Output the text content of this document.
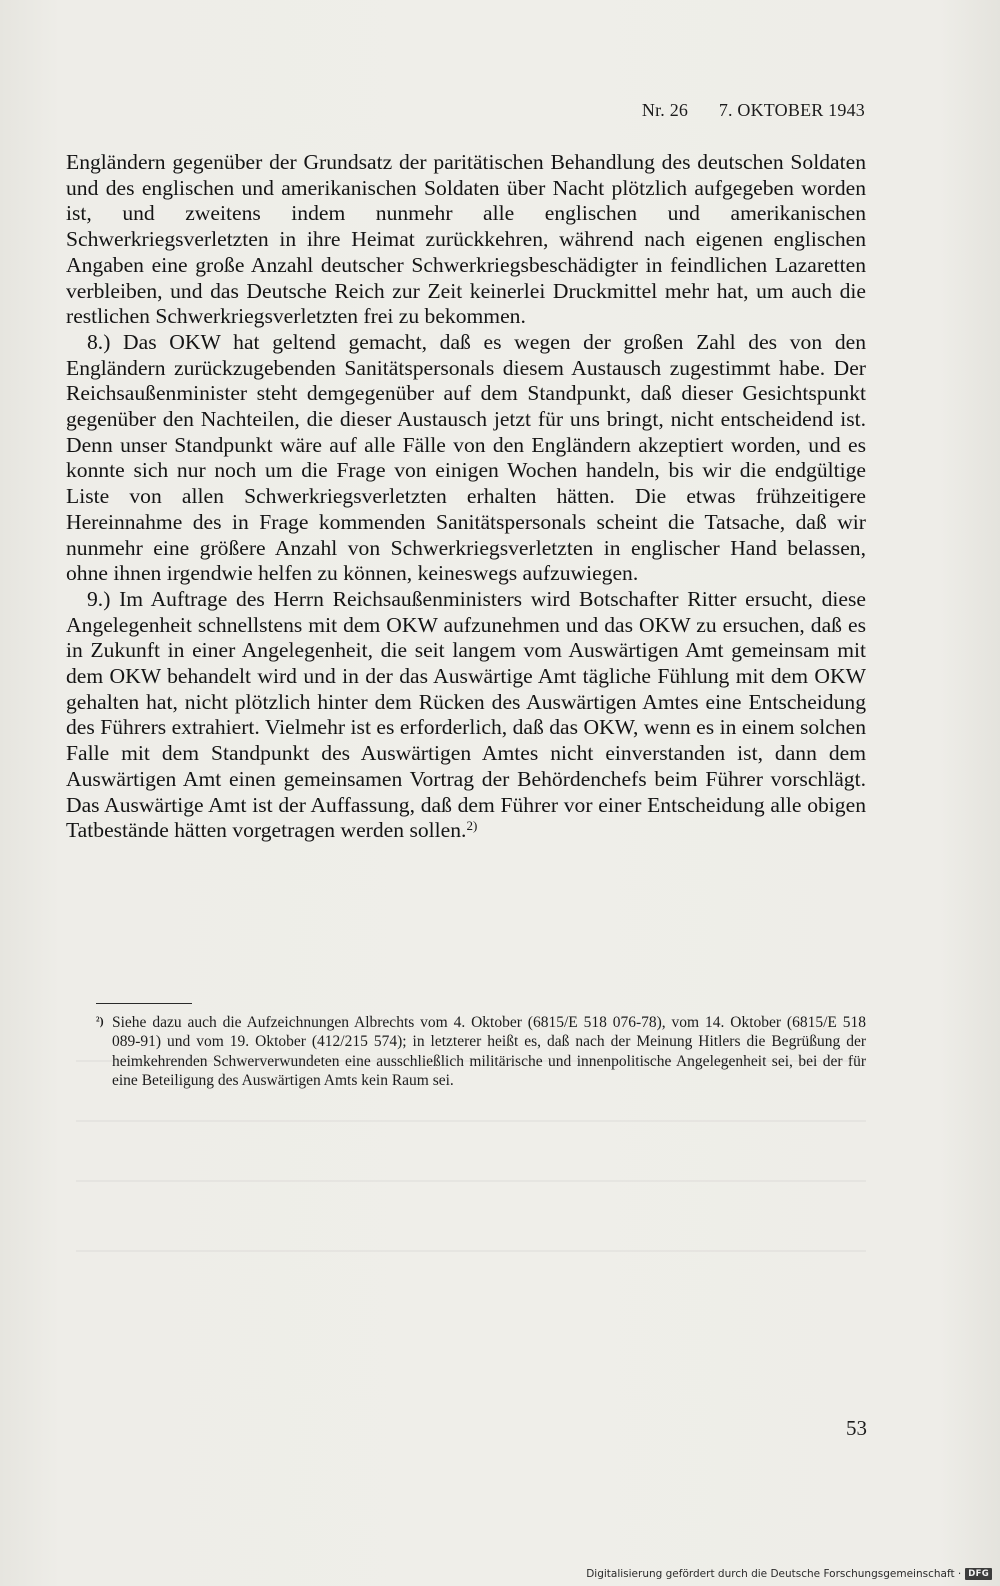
Nr. 26 7. OKTOBER 1943

Engländern gegenüber der Grundsatz der paritätischen Behandlung des deutschen Soldaten und des englischen und amerikanischen Soldaten über Nacht plötzlich aufgegeben worden ist, und zweitens indem nunmehr alle englischen und amerikanischen Schwerkriegsverletzten in ihre Heimat zurückkehren, während nach eigenen englischen Angaben eine große Anzahl deutscher Schwerkriegsbeschädigter in feindlichen Lazaretten verbleiben, und das Deutsche Reich zur Zeit keinerlei Druckmittel mehr hat, um auch die restlichen Schwerkriegsverletzten frei zu bekommen.

8.) Das OKW hat geltend gemacht, daß es wegen der großen Zahl des von den Engländern zurückzugebenden Sanitätspersonals diesem Austausch zugestimmt habe. Der Reichsaußenminister steht demgegenüber auf dem Standpunkt, daß dieser Gesichtspunkt gegenüber den Nachteilen, die dieser Austausch jetzt für uns bringt, nicht entscheidend ist. Denn unser Standpunkt wäre auf alle Fälle von den Engländern akzeptiert worden, und es konnte sich nur noch um die Frage von einigen Wochen handeln, bis wir die endgültige Liste von allen Schwerkriegsverletzten erhalten hätten. Die etwas frühzeitigere Hereinnahme des in Frage kommenden Sanitätspersonals scheint die Tatsache, daß wir nunmehr eine größere Anzahl von Schwerkriegsverletzten in englischer Hand belassen, ohne ihnen irgendwie helfen zu können, keineswegs aufzuwiegen.

9.) Im Auftrage des Herrn Reichsaußenministers wird Botschafter Ritter ersucht, diese Angelegenheit schnellstens mit dem OKW aufzunehmen und das OKW zu ersuchen, daß es in Zukunft in einer Angelegenheit, die seit langem vom Auswärtigen Amt gemeinsam mit dem OKW behandelt wird und in der das Auswärtige Amt tägliche Fühlung mit dem OKW gehalten hat, nicht plötzlich hinter dem Rücken des Auswärtigen Amtes eine Entscheidung des Führers extrahiert. Vielmehr ist es erforderlich, daß das OKW, wenn es in einem solchen Falle mit dem Standpunkt des Auswärtigen Amtes nicht einverstanden ist, dann dem Auswärtigen Amt einen gemeinsamen Vortrag der Behördenchefs beim Führer vorschlägt. Das Auswärtige Amt ist der Auffassung, daß dem Führer vor einer Entscheidung alle obigen Tatbestände hätten vorgetragen werden sollen.$^{2)}$

²) Siehe dazu auch die Aufzeichnungen Albrechts vom 4. Oktober (6815/E 518 076-78), vom 14. Oktober (6815/E 518 089-91) und vom 19. Oktober (412/215 574); in letzterer heißt es, daß nach der Meinung Hitlers die Begrüßung der heimkehrenden Schwerverwundeten eine ausschließlich militärische und innenpolitische Angelegenheit sei, bei der für eine Beteiligung des Auswärtigen Amts kein Raum sei.
53
Digitalisierung gefördert durch die Deutsche Forschungsgemeinschaft · DFG
